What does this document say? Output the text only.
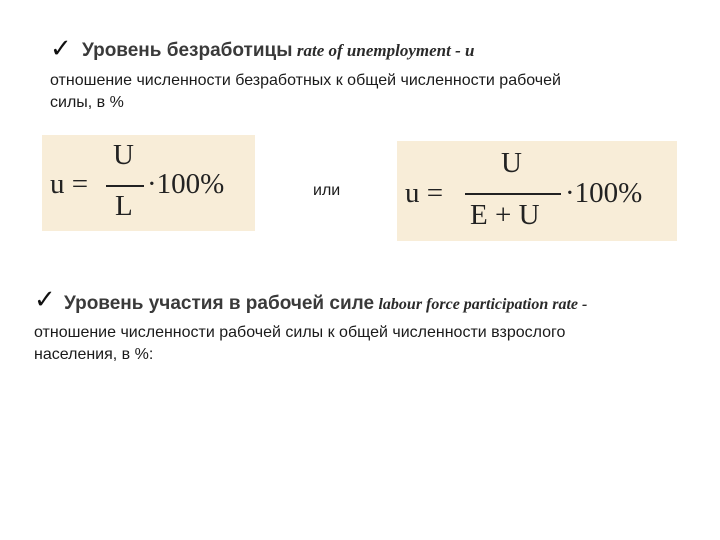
✓ Уровень безработицы rate of unemployment - u
отношение численности безработных к общей численности рабочей
силы, в %
u =
U
L
·100%	или u =
U
E + U
·100%
✓ Уровень участия в рабочей силе labour force participation rate -
отношение численности рабочей силы к общей численности взрослого
населения, в %:
